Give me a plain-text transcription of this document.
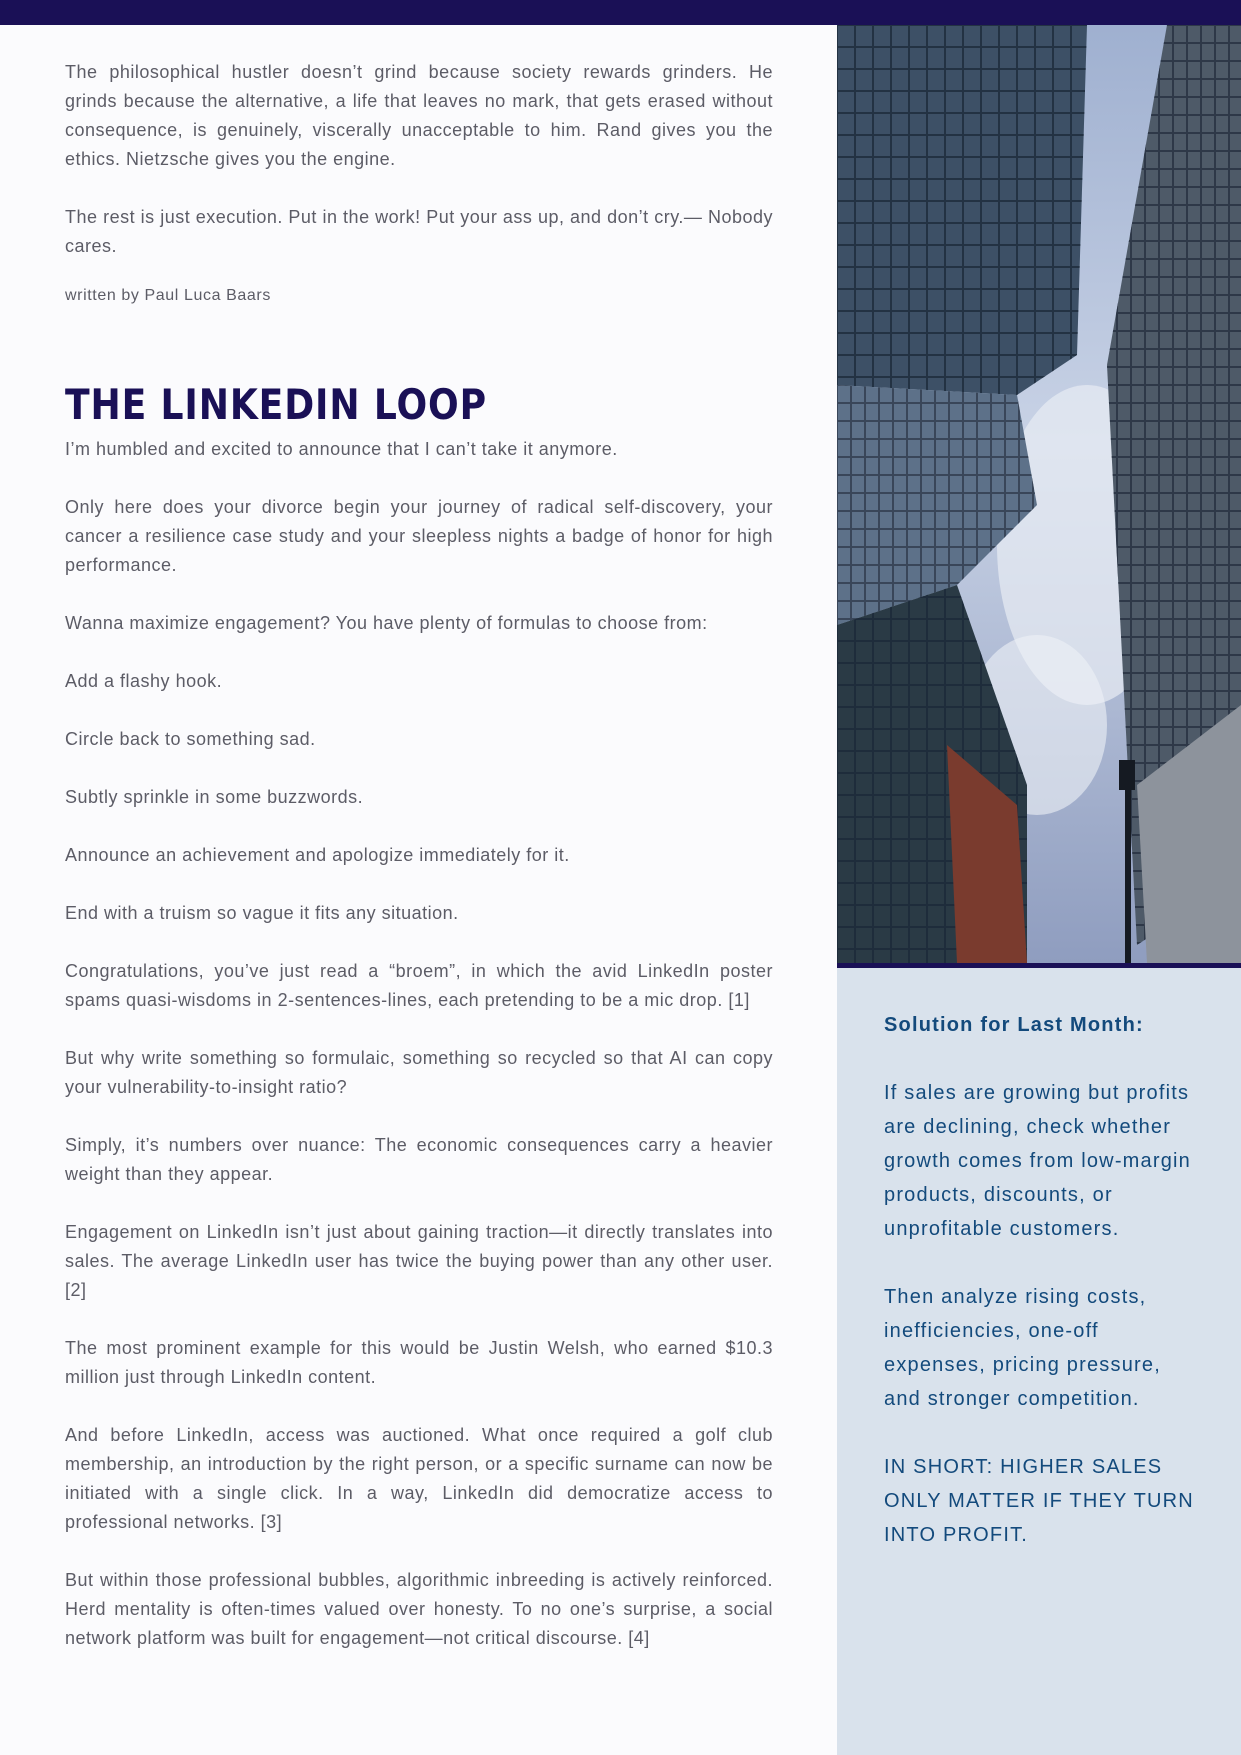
The philosophical hustler doesn’t grind because society rewards grinders. He grinds because the alternative, a life that leaves no mark, that gets erased without consequence, is genuinely, viscerally unacceptable to him. Rand gives you the ethics. Nietzsche gives you the engine.

The rest is just execution. Put in the work! Put your ass up, and don’t cry.— Nobody cares.

written by Paul Luca Baars
THE LINKEDIN LOOP

I’m humbled and excited to announce that I can’t take it anymore.

Only here does your divorce begin your journey of radical self-discovery, your cancer a resilience case study and your sleepless nights a badge of honor for high performance.

Wanna maximize engagement? You have plenty of formulas to choose from:

Add a flashy hook.

Circle back to something sad.

Subtly sprinkle in some buzzwords.

Announce an achievement and apologize immediately for it.

End with a truism so vague it fits any situation.

Congratulations, you’ve just read a “broem”, in which the avid LinkedIn poster spams quasi-wisdoms in 2-sentences-lines, each pretending to be a mic drop. [1]

But why write something so formulaic, something so recycled so that AI can copy your vulnerability-to-insight ratio?

Simply, it’s numbers over nuance: The economic consequences carry a heavier weight than they appear.

Engagement on LinkedIn isn’t just about gaining traction—it directly translates into sales. The average LinkedIn user has twice the buying power than any other user. [2]

The most prominent example for this would be Justin Welsh, who earned $10.3 million just through LinkedIn content.

And before LinkedIn, access was auctioned. What once required a golf club membership, an introduction by the right person, or a specific surname can now be initiated with a single click. In a way, LinkedIn did democratize access to professional networks. [3]

But within those professional bubbles, algorithmic inbreeding is actively reinforced. Herd mentality is often-times valued over honesty. To no one’s surprise, a social network platform was built for engagement—not critical discourse. [4]

Solution for Last Month:

If sales are growing but profits are declining, check whether growth comes from low-margin products, discounts, or unprofitable customers.

Then analyze rising costs, inefficiencies, one-off expenses, pricing pressure, and stronger competition.

IN SHORT: HIGHER SALES ONLY MATTER IF THEY TURN INTO PROFIT.
